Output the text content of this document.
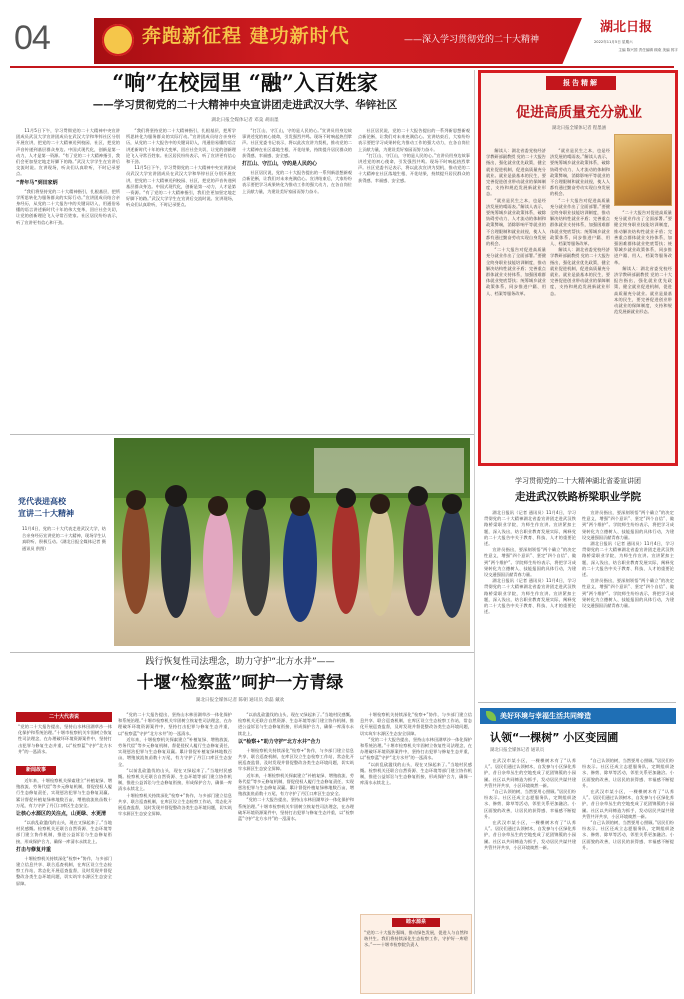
04	奔跑新征程 建功新时代	——深入学习贯彻党的二十大精神
湖北日报
2022年11月5日 星期六
主编 陈兴国 责任编辑 顾欢 美编 郭宇
“响”在校园里 “融”入百姓家
——学习贯彻党的二十大精神中央宣讲团走进武汉大学、华锌社区
湖北日报全媒体记者 邓燊 胡雨墨

11月5日下午，学习贯彻党的二十大精神中央宣讲团成员武汉大学宣讲团成员在武汉大学和华锌社区分别开展宣讲，把党的二十大精神送到校园、社区，把党的声音传递到基层群众身边。中国式现代化，创新是第一动力，人才是第一资源。“有了党的二十大精神指引，我们会更加坚定地走好脚下的路。”武汉大学学生在宣讲后交流时说。宣讲现场，听众们认真聆听，不时记录要点。

“青年马”到田家炳

“我们将坚持党的二十大精神指引，扎根基层，把所学所思转化为服务群众的实际行动。”宣讲团成员结合亲身经历，从党的二十大报告中的关键词切入，用通俗易懂的语言讲述新时代十年的伟大变革，回应社会关切，让党的创新理论飞入寻常百姓家。社区居民纷纷表示，听了宣讲更有信心和干劲。

“我们将坚持党的二十大精神指引，扎根基层，把所学所思转化为服务群众的实际行动。”宣讲团成员结合亲身经历，从党的二十大报告中的关键词切入，用通俗易懂的语言讲述新时代十年的伟大变革，回应社会关切，让党的创新理论飞入寻常百姓家。社区居民纷纷表示，听了宣讲更有信心和干劲。

11月5日下午，学习贯彻党的二十大精神中央宣讲团成员武汉大学宣讲团成员在武汉大学和华锌社区分别开展宣讲，把党的二十大精神送到校园、社区，把党的声音传递到基层群众身边。中国式现代化，创新是第一动力，人才是第一资源。“有了党的二十大精神指引，我们会更加坚定地走好脚下的路。”武汉大学学生在宣讲后交流时说。宣讲现场，听众们认真聆听，不时记录要点。

“打江山、守江山，守的是人民的心。”宣讲员用身边故事讲述党的初心使命，引发强烈共鸣。现场不时响起热烈掌声。社区党委书记表示，将以此次宣讲为契机，推动党的二十大精神在社区落地生根、开花结果，持续提升居民群众的获得感、幸福感、安全感。

打江山、守江山，守的是人民的心

社区居民说，党的二十大报告提出的一系列新思想新观点新论断，让我们对未来充满信心。宣讲结束后，大家纷纷表示要把学习成果转化为推动工作的强大动力，在各自岗位上贡献力量，为建设美好家园而努力奋斗。

社区居民说，党的二十大报告提出的一系列新思想新观点新论断，让我们对未来充满信心。宣讲结束后，大家纷纷表示要把学习成果转化为推动工作的强大动力，在各自岗位上贡献力量，为建设美好家园而努力奋斗。

“打江山、守江山，守的是人民的心。”宣讲员用身边故事讲述党的初心使命，引发强烈共鸣。现场不时响起热烈掌声。社区党委书记表示，将以此次宣讲为契机，推动党的二十大精神在社区落地生根、开花结果，持续提升居民群众的获得感、幸福感、安全感。

报告精解
促进高质量充分就业
湖北日报全媒体记者 程墨涵

解读人：湖北省委党校经济学教研部副教授 党的二十大报告指出，强化就业优先政策，健全就业促进机制，促进高质量充分就业。就业是最基本的民生，要完善促进创业带动就业的保障制度，支持和规范发展新就业形态。

“就业是民生之本，也是经济发展的晴雨表。”解读人表示，要统筹城乡就业政策体系，破除妨碍劳动力、人才流动的体制和政策弊端，消除影响平等就业的不合理限制和就业歧视，使人人都有通过勤奋劳动实现自身发展的机会。

“二十大报告对促进高质量充分就业作出了全面部署。”要健全终身职业技能培训制度，推动解决结构性就业矛盾；完善重点群体就业支持体系，加强困难群体就业兜底帮扶；统筹城乡就业政策体系，同步推进户籍、用人、档案等服务改革。

“就业是民生之本，也是经济发展的晴雨表。”解读人表示，要统筹城乡就业政策体系，破除妨碍劳动力、人才流动的体制和政策弊端，消除影响平等就业的不合理限制和就业歧视，使人人都有通过勤奋劳动实现自身发展的机会。

“二十大报告对促进高质量充分就业作出了全面部署。”要健全终身职业技能培训制度，推动解决结构性就业矛盾；完善重点群体就业支持体系，加强困难群体就业兜底帮扶；统筹城乡就业政策体系，同步推进户籍、用人、档案等服务改革。

解读人：湖北省委党校经济学教研部副教授 党的二十大报告指出，强化就业优先政策，健全就业促进机制，促进高质量充分就业。就业是最基本的民生，要完善促进创业带动就业的保障制度，支持和规范发展新就业形态。

“二十大报告对促进高质量充分就业作出了全面部署。”要健全终身职业技能培训制度，推动解决结构性就业矛盾；完善重点群体就业支持体系，加强困难群体就业兜底帮扶；统筹城乡就业政策体系，同步推进户籍、用人、档案等服务改革。

解读人：湖北省委党校经济学教研部副教授 党的二十大报告指出，强化就业优先政策，健全就业促进机制，促进高质量充分就业。就业是最基本的民生，要完善促进创业带动就业的保障制度，支持和规范发展新就业形态。

党代表进高校
宣讲二十大精神
11月4日，党的二十大代表走进武汉大学，结合亲身经历宣讲党的二十大精神，现场学生认真聆听、积极互动。（湖北日报全媒体记者 摄 通讯员 供图）
学习贯彻党的二十大精神湖北省委宣讲团
走进武汉铁路桥梁职业学院

湖北日报讯（记者 通讯员）11月4日，学习贯彻党的二十大精神湖北省委宣讲团走进武汉铁路桥梁职业学院，为师生作宣讲。宣讲紧扣主题，深入浅出，结合职业教育发展实际，阐释党的二十大报告中关于教育、科技、人才的重要论述。

宣讲员指出，要深刻领悟“两个确立”的决定性意义，增强“四个意识”、坚定“四个自信”、做到“两个维护”。学院师生纷纷表示，将把学习成果转化为立德树人、技能报国的具体行动，为建设交通强国贡献青春力量。

湖北日报讯（记者 通讯员）11月4日，学习贯彻党的二十大精神湖北省委宣讲团走进武汉铁路桥梁职业学院，为师生作宣讲。宣讲紧扣主题，深入浅出，结合职业教育发展实际，阐释党的二十大报告中关于教育、科技、人才的重要论述。

宣讲员指出，要深刻领悟“两个确立”的决定性意义，增强“四个意识”、坚定“四个自信”、做到“两个维护”。学院师生纷纷表示，将把学习成果转化为立德树人、技能报国的具体行动，为建设交通强国贡献青春力量。

湖北日报讯（记者 通讯员）11月4日，学习贯彻党的二十大精神湖北省委宣讲团走进武汉铁路桥梁职业学院，为师生作宣讲。宣讲紧扣主题，深入浅出，结合职业教育发展实际，阐释党的二十大报告中关于教育、科技、人才的重要论述。

宣讲员指出，要深刻领悟“两个确立”的决定性意义，增强“四个意识”、坚定“四个自信”、做到“两个维护”。学院师生纷纷表示，将把学习成果转化为立德树人、技能报国的具体行动，为建设交通强国贡献青春力量。

践行恢复性司法理念，助力守护“北方水井”——
十堰“检察蓝”呵护一方青绿
湖北日报全媒体记者 陈朝 通讯员 余磊 戴欢
二十大代表说
“党的二十大报告提出，坚持山水林田湖草沙一体化保护和系统治理。”十堰市检察机关牢固树立恢复性司法理念，在办理破坏环境资源案件中，坚持打击犯罪与修复生态并重，以“检察蓝”守护“北方水井”的一泓清水。
新闻故事

近年来，十堰检察机关探索建立“补植复绿、增殖放流、劳务代偿”等多元修复机制，督促侵权人履行生态修复责任，实现惩治犯罪与生态修复双赢。累计督促补植复绿林地数百亩，增殖放流鱼苗数十万尾，有力守护了丹江口库区生态安全。

让核心水源区的关注点，山更绿、水更清

“以前乱砍滥伐的山头，现在又绿起来了。”当地村民感慨。检察机关还联合自然资源、生态环境等部门建立协作机制，推进公益诉讼与生态修复衔接，形成保护合力，确保一库清水永续北上。

打击与修复并重

十堰检察机关持续深化“检察+”协作，与多部门建立信息共享、联合巡查机制，在库区设立生态检察工作站，常态化开展巡查监督，及时发现并督促整改各类生态环境问题，切实筑牢水源区生态安全屏障。

“党的二十大报告提出，坚持山水林田湖草沙一体化保护和系统治理。”十堰市检察机关牢固树立恢复性司法理念，在办理破坏环境资源案件中，坚持打击犯罪与修复生态并重，以“检察蓝”守护“北方水井”的一泓清水。

近年来，十堰检察机关探索建立“补植复绿、增殖放流、劳务代偿”等多元修复机制，督促侵权人履行生态修复责任，实现惩治犯罪与生态修复双赢。累计督促补植复绿林地数百亩，增殖放流鱼苗数十万尾，有力守护了丹江口库区生态安全。

“以前乱砍滥伐的山头，现在又绿起来了。”当地村民感慨。检察机关还联合自然资源、生态环境等部门建立协作机制，推进公益诉讼与生态修复衔接，形成保护合力，确保一库清水永续北上。

十堰检察机关持续深化“检察+”协作，与多部门建立信息共享、联合巡查机制，在库区设立生态检察工作站，常态化开展巡查监督，及时发现并督促整改各类生态环境问题，切实筑牢水源区生态安全屏障。

“以前乱砍滥伐的山头，现在又绿起来了。”当地村民感慨。检察机关还联合自然资源、生态环境等部门建立协作机制，推进公益诉讼与生态修复衔接，形成保护合力，确保一库清水永续北上。

以“检察+”助力守护“北方水井”合力

十堰检察机关持续深化“检察+”协作，与多部门建立信息共享、联合巡查机制，在库区设立生态检察工作站，常态化开展巡查监督，及时发现并督促整改各类生态环境问题，切实筑牢水源区生态安全屏障。

近年来，十堰检察机关探索建立“补植复绿、增殖放流、劳务代偿”等多元修复机制，督促侵权人履行生态修复责任，实现惩治犯罪与生态修复双赢。累计督促补植复绿林地数百亩，增殖放流鱼苗数十万尾，有力守护了丹江口库区生态安全。

“党的二十大报告提出，坚持山水林田湖草沙一体化保护和系统治理。”十堰市检察机关牢固树立恢复性司法理念，在办理破坏环境资源案件中，坚持打击犯罪与修复生态并重，以“检察蓝”守护“北方水井”的一泓清水。

十堰检察机关持续深化“检察+”协作，与多部门建立信息共享、联合巡查机制，在库区设立生态检察工作站，常态化开展巡查监督，及时发现并督促整改各类生态环境问题，切实筑牢水源区生态安全屏障。

“党的二十大报告提出，坚持山水林田湖草沙一体化保护和系统治理。”十堰市检察机关牢固树立恢复性司法理念，在办理破坏环境资源案件中，坚持打击犯罪与修复生态并重，以“检察蓝”守护“北方水井”的一泓清水。

“以前乱砍滥伐的山头，现在又绿起来了。”当地村民感慨。检察机关还联合自然资源、生态环境等部门建立协作机制，推进公益诉讼与生态修复衔接，形成保护合力，确保一库清水永续北上。

睦水源泉
“党的二十大报告强调，推动绿色发展，促进人与自然和谐共生。我们将持续深化生态检察工作，守护好一库碧水。”——十堰市检察院负责人
美好环境与幸福生活共同缔造
认领“一棵树” 小区变园圃
湖北日报全媒体记者 通讯员

在武汉市某小区，一棵棵树木有了“认养人”。居民们通过认领树木，自发参与小区绿化养护，昔日杂草丛生的空地变成了花团锦簇的小园圃。社区以共同缔造为抓手，发动居民共谋共建共管共评共享，小区环境焕然一新。

“自己认领的树，当然要用心照顾。”居民们纷纷表示。社区还成立志愿服务队，定期组织浇水、修剪、除草等活动，邻里关系更加融洽。小区面貌的改善，让居民的获得感、幸福感不断提升。

在武汉市某小区，一棵棵树木有了“认养人”。居民们通过认领树木，自发参与小区绿化养护，昔日杂草丛生的空地变成了花团锦簇的小园圃。社区以共同缔造为抓手，发动居民共谋共建共管共评共享，小区环境焕然一新。

“自己认领的树，当然要用心照顾。”居民们纷纷表示。社区还成立志愿服务队，定期组织浇水、修剪、除草等活动，邻里关系更加融洽。小区面貌的改善，让居民的获得感、幸福感不断提升。

在武汉市某小区，一棵棵树木有了“认养人”。居民们通过认领树木，自发参与小区绿化养护，昔日杂草丛生的空地变成了花团锦簇的小园圃。社区以共同缔造为抓手，发动居民共谋共建共管共评共享，小区环境焕然一新。

“自己认领的树，当然要用心照顾。”居民们纷纷表示。社区还成立志愿服务队，定期组织浇水、修剪、除草等活动，邻里关系更加融洽。小区面貌的改善，让居民的获得感、幸福感不断提升。
